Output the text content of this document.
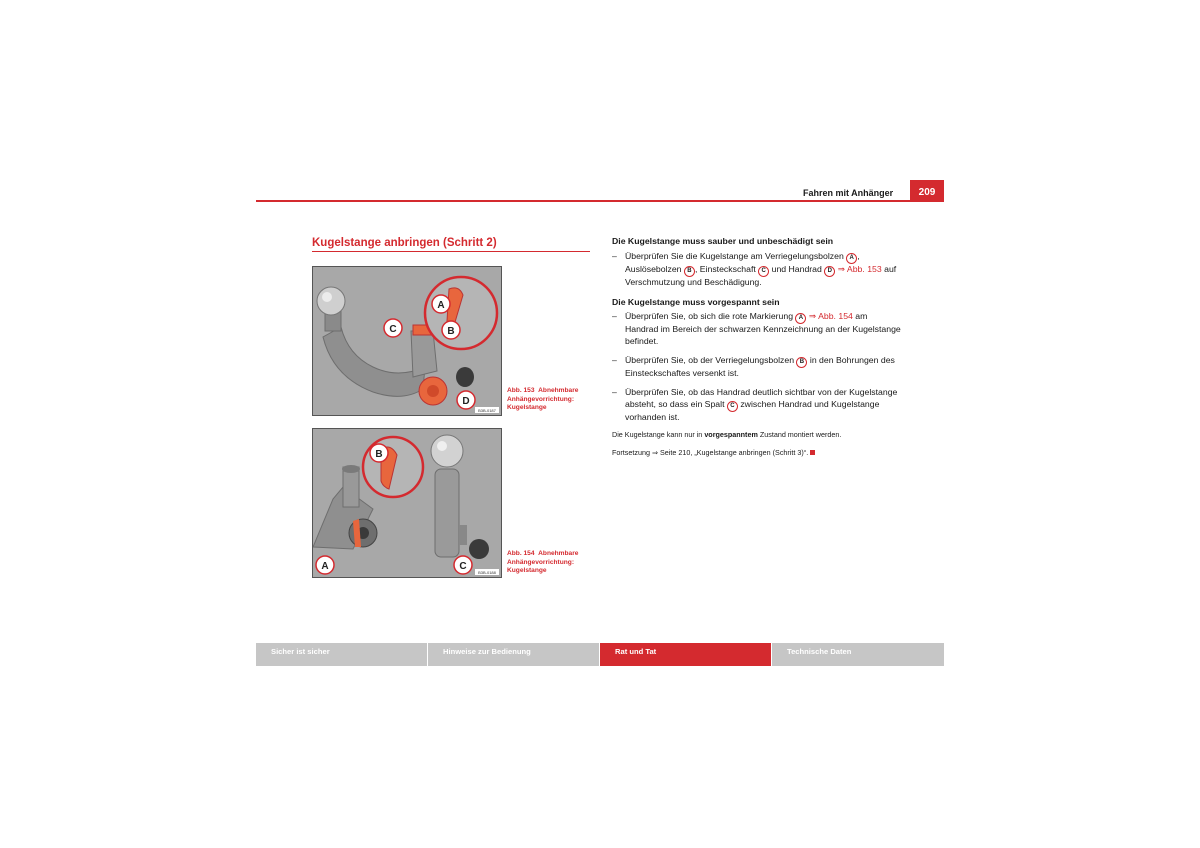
Fahren mit Anhänger	209
Kugelstange anbringen (Schritt 2)
A
B
C
D
B3B-0187
Abb. 153 Abnehmbare Anhängevorrichtung: Kugelstange
B
A	C
B3B-0188
Abb. 154 Abnehmbare Anhängevorrichtung: Kugelstange

Die Kugelstange muss sauber und unbeschädigt sein

– Überprüfen Sie die Kugelstange am Verriegelungsbolzen A , Auslösebolzen B , Einsteckschaft C und Handrad D ⇒ Abb. 153 auf Verschmutzung und Beschädigung.

Die Kugelstange muss vorgespannt sein

– Überprüfen Sie, ob sich die rote Markierung A ⇒ Abb. 154 am Handrad im Bereich der schwarzen Kennzeichnung an der Kugelstange befindet.
– Überprüfen Sie, ob der Verriegelungsbolzen B in den Bohrungen des Einsteckschaftes versenkt ist.
– Überprüfen Sie, ob das Handrad deutlich sichtbar von der Kugelstange absteht, so dass ein Spalt C zwischen Handrad und Kugelstange vorhanden ist.
Die Kugelstange kann nur in vorgespanntem Zustand montiert werden.
Fortsetzung ⇒ Seite 210, „Kugelstange anbringen (Schritt 3)“.
Sicher ist sicher	Hinweise zur Bedienung	Rat und Tat	Technische Daten
